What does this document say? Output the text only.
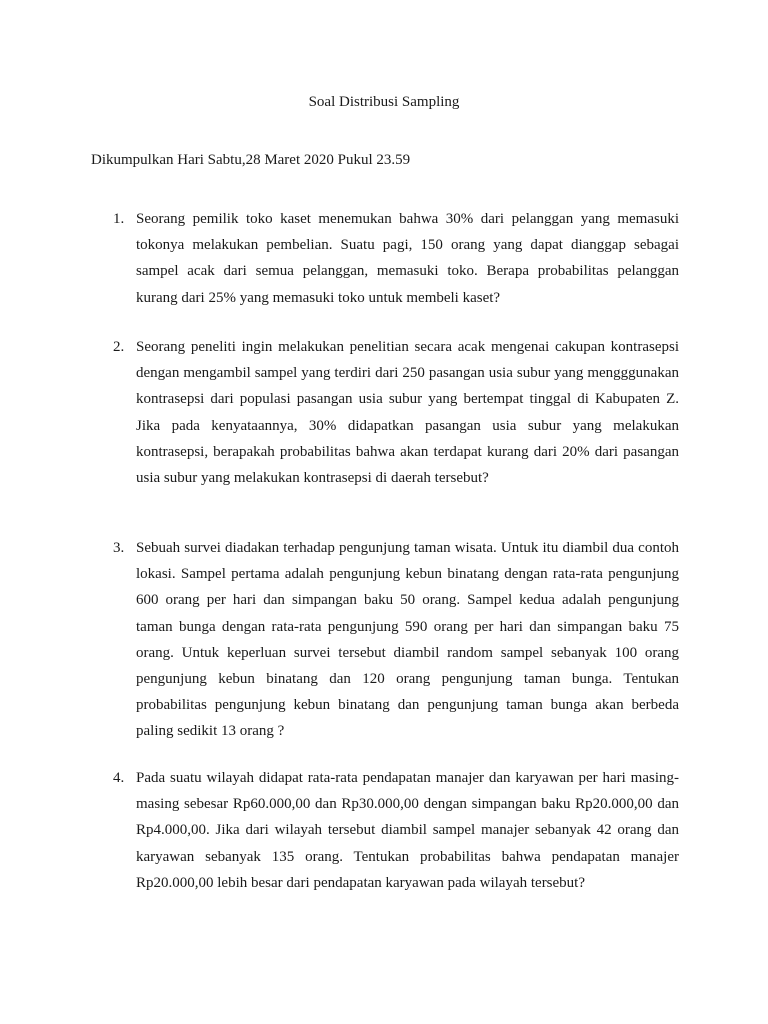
Soal Distribusi Sampling
Dikumpulkan Hari Sabtu,28 Maret 2020 Pukul 23.59
1. Seorang pemilik toko kaset menemukan bahwa 30% dari pelanggan yang memasuki tokonya melakukan pembelian. Suatu pagi, 150 orang yang dapat dianggap sebagai sampel acak dari semua pelanggan, memasuki toko. Berapa probabilitas pelanggan kurang dari 25% yang memasuki toko untuk membeli kaset?
2. Seorang peneliti ingin melakukan penelitian secara acak mengenai cakupan kontrasepsi dengan mengambil sampel yang terdiri dari 250 pasangan usia subur yang mengggunakan kontrasepsi dari populasi pasangan usia subur yang bertempat tinggal di Kabupaten Z. Jika pada kenyataannya, 30% didapatkan pasangan usia subur yang melakukan kontrasepsi, berapakah probabilitas bahwa akan terdapat kurang dari 20% dari pasangan usia subur yang melakukan kontrasepsi di daerah tersebut?
3. Sebuah survei diadakan terhadap pengunjung taman wisata. Untuk itu diambil dua contoh lokasi. Sampel pertama adalah pengunjung kebun binatang dengan rata-rata pengunjung 600 orang per hari dan simpangan baku 50 orang. Sampel kedua adalah pengunjung taman bunga dengan rata-rata pengunjung 590 orang per hari dan simpangan baku 75 orang. Untuk keperluan survei tersebut diambil random sampel sebanyak 100 orang pengunjung kebun binatang dan 120 orang pengunjung taman bunga. Tentukan probabilitas pengunjung kebun binatang dan pengunjung taman bunga akan berbeda paling sedikit 13 orang ?
4. Pada suatu wilayah didapat rata-rata pendapatan manajer dan karyawan per hari masing-masing sebesar Rp60.000,00 dan Rp30.000,00 dengan simpangan baku Rp20.000,00 dan Rp4.000,00. Jika dari wilayah tersebut diambil sampel manajer sebanyak 42 orang dan karyawan sebanyak 135 orang. Tentukan probabilitas bahwa pendapatan manajer Rp20.000,00 lebih besar dari pendapatan karyawan pada wilayah tersebut?
